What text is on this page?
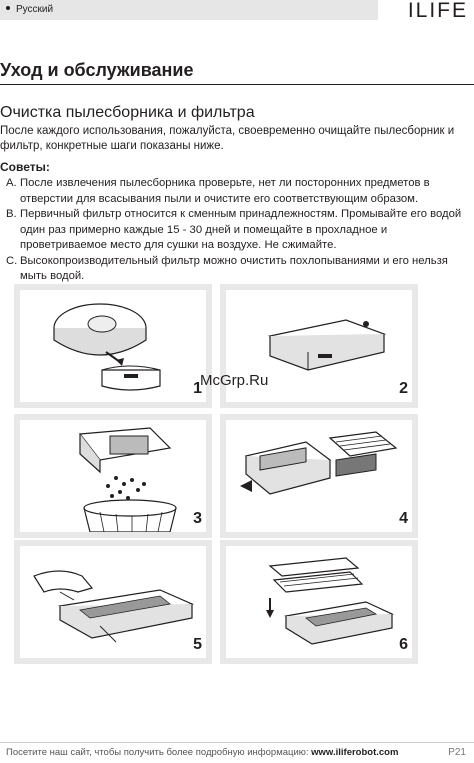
Русский	ILIFE
Уход и обслуживание
Очистка пылесборника и фильтра
После каждого использования, пожалуйста, своевременно очищайте пылесборник и фильтр, конкретные шаги показаны ниже.
Советы:
A. После извлечения пылесборника проверьте, нет ли посторонних предметов в отверстии для всасывания пыли и очистите его соответствующим образом.
B. Первичный фильтр относится к сменным принадлежностям. Промывайте его водой один раз примерно каждые 15 - 30 дней и помещайте в прохладное и проветриваемое место для сушки на воздухе. Не сжимайте.
C. Высокопроизводительный фильтр можно очистить похлопываниями и его нельзя мыть водой.
1	2
3	4
5	6
McGrp.Ru
Посетите наш сайт, чтобы получить более подробную информацию: www.iliferobot.com	P21
